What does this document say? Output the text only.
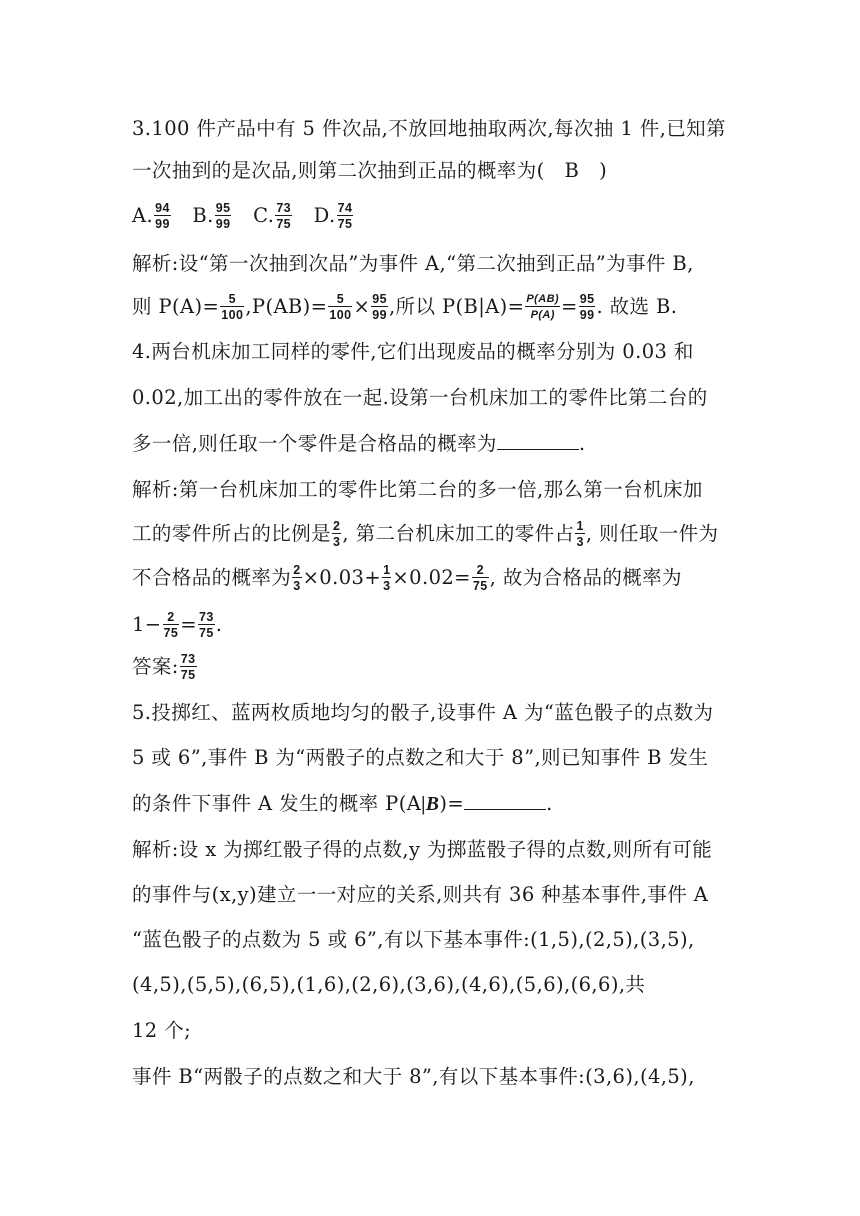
3.100 件产品中有 5 件次品,不放回地抽取两次,每次抽 1 件,已知第
一次抽到的是次品,则第二次抽到正品的概率为(　B　)
A. $\frac{94}{99} B$. $\frac{95}{99} C$. $\frac{73}{75} D$. $\frac{74}{75}$
解析:设“第一次抽到次品”为事件 A,“第二次抽到正品”为事件 B,
则 $P(A)= \frac{5}{100} ,P(AB)= \frac{5}{100} \times \frac{95}{99}$ ,所以 $P(B|A)= \frac{P(AB)}{P(A)} = \frac{95}{99}$ . 故选 B.
4.两台机床加工同样的零件,它们出现废品的概率分别为 0.03 和
0.02,加工出的零件放在一起.设第一台机床加工的零件比第二台的
多一倍,则任取一个零件是合格品的概率为	.
解析:第一台机床加工的零件比第二台的多一倍,那么第一台机床加
工的零件所占的比例是 $\frac{2}{3}$ , 第二台机床加工的零件占 $\frac{1}{3}$ , 则任取一件为
不合格品的概率为 $\frac{2}{3} \times 0.03+ \frac{1}{3} \times 0.02= \frac{2}{75}$ , 故为合格品的概率为
$1- \frac{2}{75} = \frac{73}{75}$ .
答案: $\frac{73}{75}$
5.投掷红、蓝两枚质地均匀的骰子,设事件 A 为“蓝色骰子的点数为
5 或 6”,事件 B 为“两骰子的点数之和大于 8”,则已知事件 B 发生
的条件下事件 A 发生的概率 P(A|B)=	.
解析:设 x 为掷红骰子得的点数,y 为掷蓝骰子得的点数,则所有可能
的事件与(x,y)建立一一对应的关系,则共有 36 种基本事件,事件 A
“蓝色骰子的点数为 5 或 6”,有以下基本事件:(1,5),(2,5),(3,5),
(4,5),(5,5),(6,5),(1,6),(2,6),(3,6),(4,6),(5,6),(6,6),共
12 个;
事件 B“两骰子的点数之和大于 8”,有以下基本事件:(3,6),(4,5),
